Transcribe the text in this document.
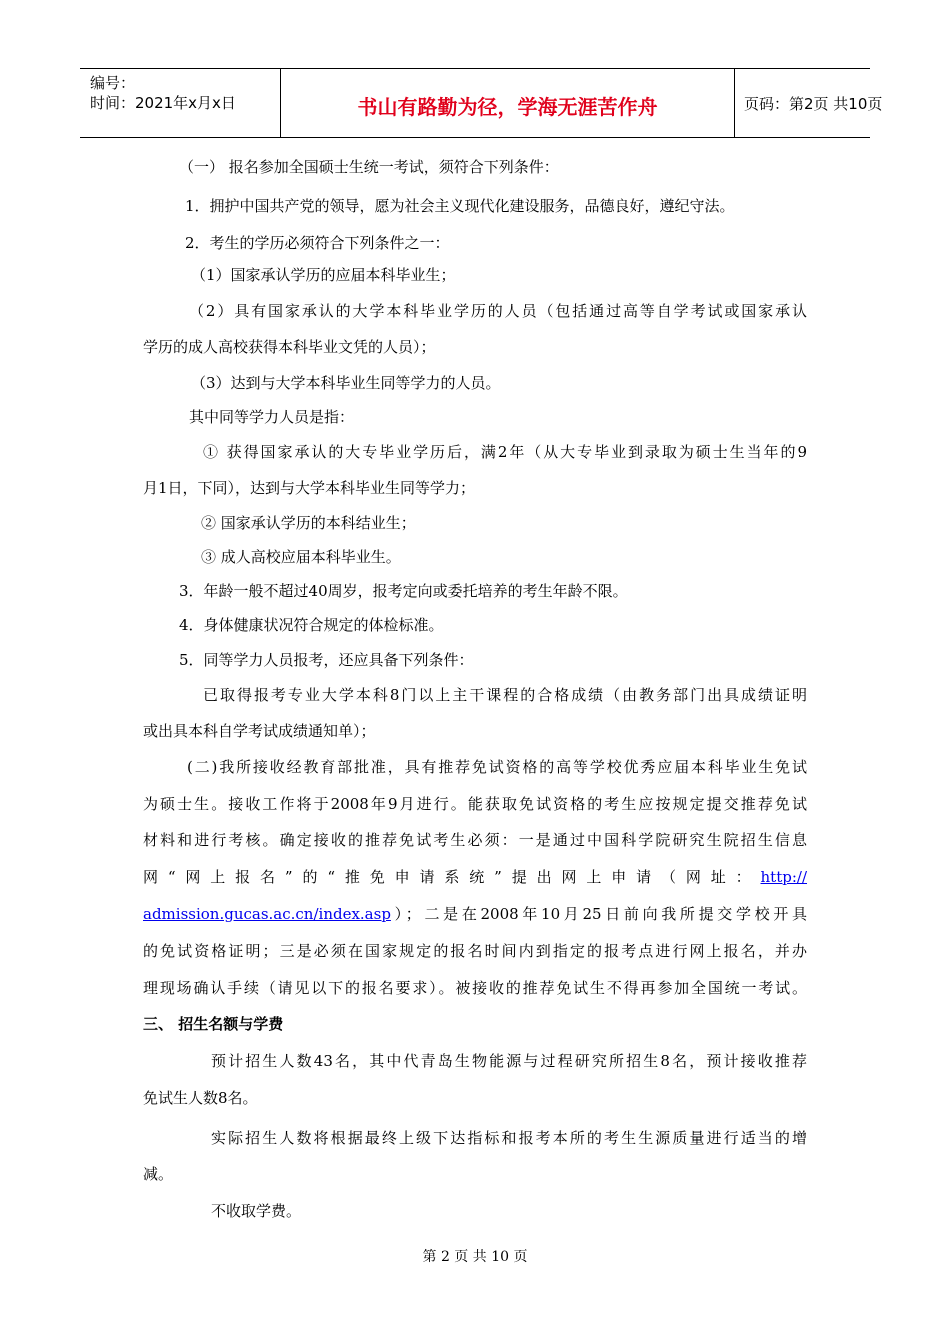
编号：
时间：2021年x月x日	书山有路勤为径，学海无涯苦作舟	页码：第2页 共10页
（一） 报名参加全国硕士生统一考试，须符合下列条件：
1．拥护中国共产党的领导，愿为社会主义现代化建设服务，品德良好，遵纪守法。
2．考生的学历必须符合下列条件之一：
（1）国家承认学历的应届本科毕业生；
（2）具有国家承认的大学本科毕业学历的人员（包括通过高等自学考试或国家承认
学历的成人高校获得本科毕业文凭的人员）；
（3）达到与大学本科毕业生同等学力的人员。
其中同等学力人员是指：
① 获得国家承认的大专毕业学历后，满2年（从大专毕业到录取为硕士生当年的9
月1日，下同），达到与大学本科毕业生同等学力；
② 国家承认学历的本科结业生；
③ 成人高校应届本科毕业生。
3．年龄一般不超过40周岁，报考定向或委托培养的考生年龄不限。
4．身体健康状况符合规定的体检标准。
5．同等学力人员报考，还应具备下列条件：
已取得报考专业大学本科8门以上主干课程的合格成绩（由教务部门出具成绩证明
或出具本科自学考试成绩通知单）；
(二)我所接收经教育部批准，具有推荐免试资格的高等学校优秀应届本科毕业生免试
为硕士生。接收工作将于2008年9月进行。能获取免试资格的考生应按规定提交推荐免试
材料和进行考核。确定接收的推荐免试考生必须：一是通过中国科学院研究生院招生信息
网“网上报名”的“推免申请系统”提出网上申请（网址：http://
admission.gucas.ac.cn/index.asp）；二是在2008年10月25日前向我所提交学校开具
的免试资格证明；三是必须在国家规定的报名时间内到指定的报考点进行网上报名，并办
理现场确认手续（请见以下的报名要求）。被接收的推荐免试生不得再参加全国统一考试。
三、 招生名额与学费
预计招生人数43名，其中代青岛生物能源与过程研究所招生8名，预计接收推荐
免试生人数8名。
实际招生人数将根据最终上级下达指标和报考本所的考生生源质量进行适当的增
减。
不收取学费。
第 2 页 共 10 页
